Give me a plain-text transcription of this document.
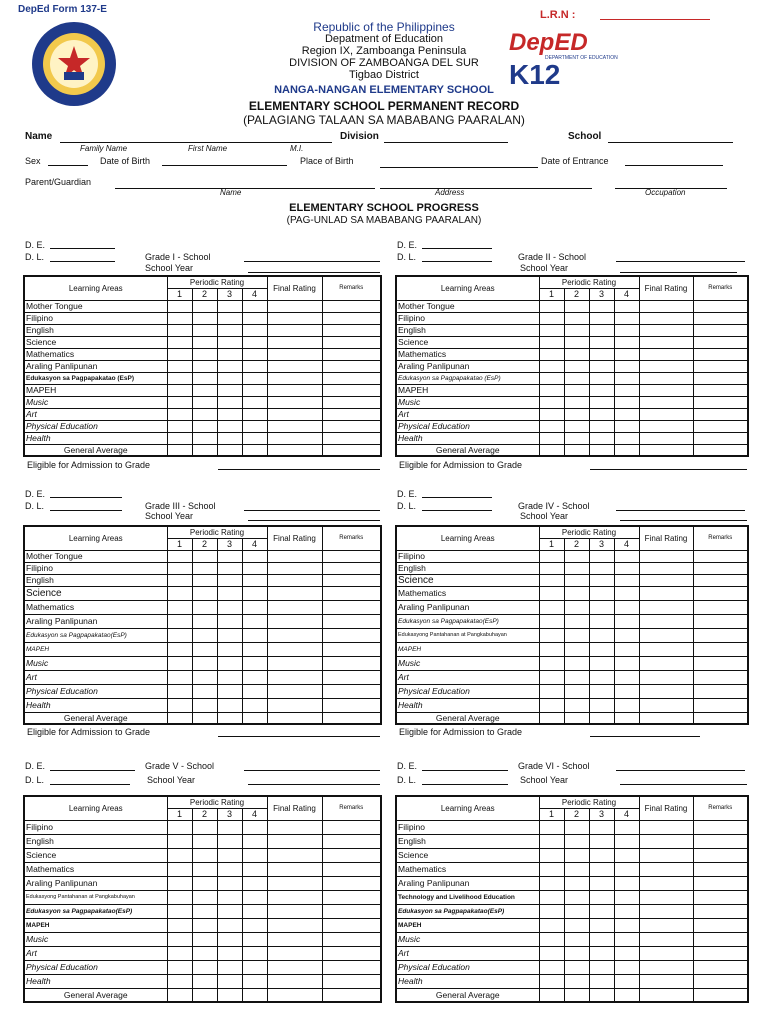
DepEd Form 137-E	L.R.N :
DepED
DEPARTMENT OF EDUCATION
K12
Republic of the Philippines
Depatment of Education
Region IX, Zamboanga Peninsula
DIVISION OF ZAMBOANGA DEL SUR
Tigbao District
NANGA-NANGAN ELEMENTARY SCHOOL
ELEMENTARY SCHOOL PERMANENT RECORD
(PALAGIANG TALAAN SA MABABANG PAARALAN)
Name	Division	School
Family Name	First Name	M.I.
Sex	Date of Birth	Place of Birth	Date of Entrance
Parent/Guardian
Name	Address	Occupation
ELEMENTARY SCHOOL PROGRESS
(PAG-UNLAD SA MABABANG PAARALAN)
D. E.
D. L.	Grade I - School
School Year
D. E.
D. L.	Grade II - School
School Year
Learning Areas	Periodic Rating				Final Rating	Remarks
	1	2	3	4		
Mother Tongue						
Filipino						
English						
Science						
Mathematics						
Araling Panlipunan						
Edukasyon sa Pagpapakatao (EsP)						
MAPEH						
Music						
Art						
Physical Education						
Health						
General Average						
Learning Areas	Periodic Rating				Final Rating	Remarks
	1	2	3	4		
Mother Tongue						
Filipino						
English						
Science						
Mathematics						
Araling Panlipunan						
Edukasyon sa Pagpapakatao (EsP)						
MAPEH						
Music						
Art						
Physical Education						
Health						
General Average						
Eligible for Admission to Grade	Eligible for Admission to Grade
D. E.
D. L.	Grade III - School
School Year
D. E.
D. L.	Grade IV - School
School Year
Learning Areas	Periodic Rating				Final Rating	Remarks
	1	2	3	4		
Mother Tongue						
Filipino						
English						
Science						
Mathematics						
Araling Panlipunan						
Edukasyon sa Pagpapakatao(EsP)						
MAPEH						
Music						
Art						
Physical Education						
Health						
General Average						
Learning Areas	Periodic Rating				Final Rating	Remarks
	1	2	3	4		
Filipino						
English						
Science						
Mathematics						
Araling Panlipunan						
Edukasyon sa Pagpapakatao(EsP)						
Edukasyong Pantahanan at Pangkabuhayan						
MAPEH						
Music						
Art						
Physical Education						
Health						
General Average						
Eligible for Admission to Grade	Eligible for Admission to Grade
D. E.	Grade V - School
D. L.	School Year
D. E.	Grade VI - School
D. L.	School Year
Learning Areas	Periodic Rating				Final Rating	Remarks
	1	2	3	4		
Filipino						
English						
Science						
Mathematics						
Araling Panlipunan						
Edukasyong Pantahanan at Pangkabuhayan						
Edukasyon sa Pagpapakatao(EsP)						
MAPEH						
Music						
Art						
Physical Education						
Health						
General Average						
Learning Areas	Periodic Rating				Final Rating	Remarks
	1	2	3	4		
Filipino						
English						
Science						
Mathematics						
Araling Panlipunan						
Technology and Livelihood Education						
Edukasyon sa Pagpapakatao(EsP)						
MAPEH						
Music						
Art						
Physical Education						
Health						
General Average						
